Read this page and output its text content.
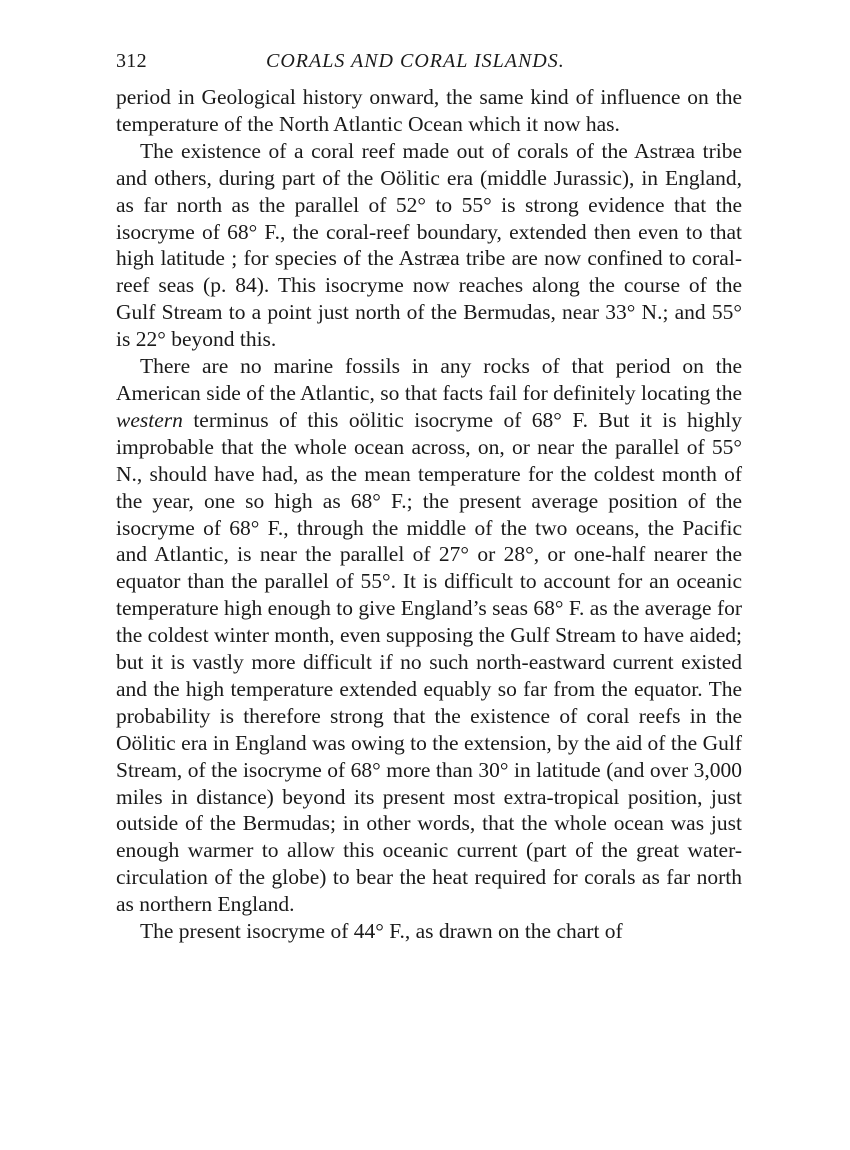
312	CORALS AND CORAL ISLANDS.

period in Geological history onward, the same kind of influence on the temperature of the North Atlantic Ocean which it now has.

The existence of a coral reef made out of corals of the Astræa tribe and others, during part of the Oölitic era (middle Jurassic), in England, as far north as the parallel of 52° to 55° is strong evidence that the isocryme of 68° F., the coral-reef boundary, extended then even to that high latitude ; for species of the Astræa tribe are now confined to coral-reef seas (p. 84). This isocryme now reaches along the course of the Gulf Stream to a point just north of the Bermudas, near 33° N.; and 55° is 22° beyond this.

There are no marine fossils in any rocks of that period on the American side of the Atlantic, so that facts fail for definitely locating the western terminus of this oölitic isocryme of 68° F. But it is highly improbable that the whole ocean across, on, or near the parallel of 55° N., should have had, as the mean temperature for the coldest month of the year, one so high as 68° F.; the present average position of the isocryme of 68° F., through the middle of the two oceans, the Pacific and Atlantic, is near the parallel of 27° or 28°, or one-half nearer the equator than the parallel of 55°. It is difficult to account for an oceanic temperature high enough to give England’s seas 68° F. as the average for the coldest winter month, even supposing the Gulf Stream to have aided; but it is vastly more difficult if no such north-eastward current existed and the high temperature extended equably so far from the equator. The probability is therefore strong that the existence of coral reefs in the Oölitic era in England was owing to the extension, by the aid of the Gulf Stream, of the isocryme of 68° more than 30° in latitude (and over 3,000 miles in distance) beyond its present most extra-tropical position, just outside of the Bermudas; in other words, that the whole ocean was just enough warmer to allow this oceanic current (part of the great water-circulation of the globe) to bear the heat required for corals as far north as northern England.

The present isocryme of 44° F., as drawn on the chart of
